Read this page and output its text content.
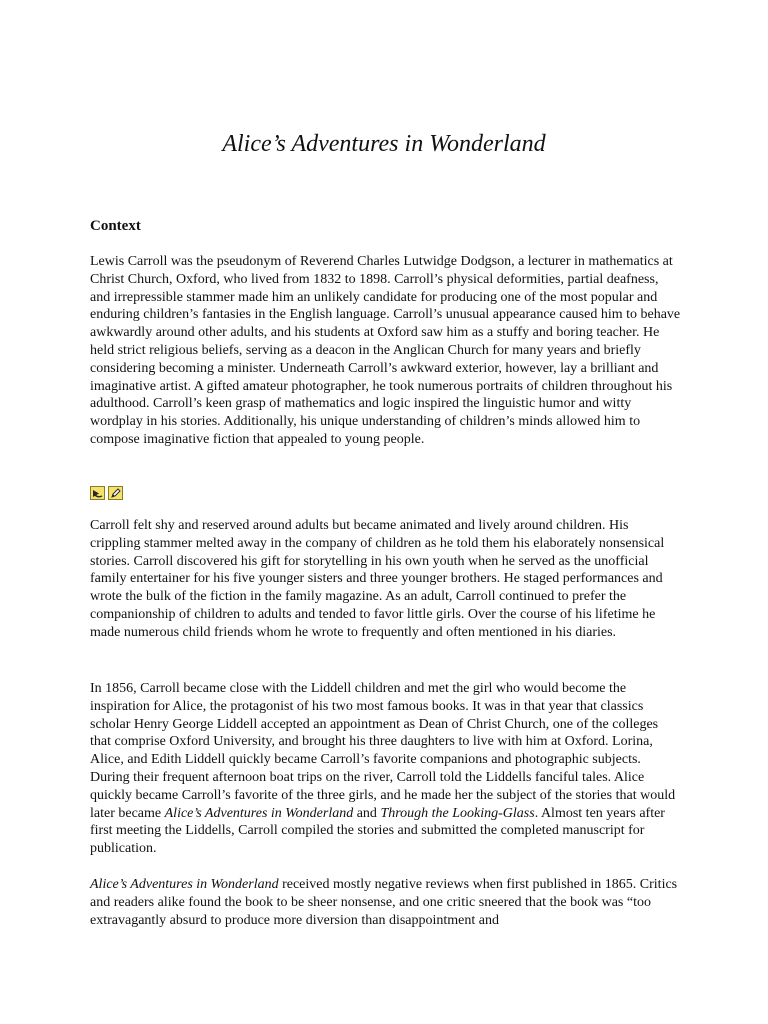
Alice’s Adventures in Wonderland
Context

Lewis Carroll was the pseudonym of Reverend Charles Lutwidge Dodgson, a lecturer in mathematics at Christ Church, Oxford, who lived from 1832 to 1898. Carroll’s physical deformities, partial deafness, and irrepressible stammer made him an unlikely candidate for producing one of the most popular and enduring children’s fantasies in the English language. Carroll’s unusual appearance caused him to behave awkwardly around other adults, and his students at Oxford saw him as a stuffy and boring teacher. He held strict religious beliefs, serving as a deacon in the Anglican Church for many years and briefly considering becoming a minister. Underneath Carroll’s awkward exterior, however, lay a brilliant and imaginative artist. A gifted amateur photographer, he took numerous portraits of children throughout his adulthood. Carroll’s keen grasp of mathematics and logic inspired the linguistic humor and witty wordplay in his stories. Additionally, his unique understanding of children’s minds allowed him to compose imaginative fiction that appealed to young people.

Carroll felt shy and reserved around adults but became animated and lively around children. His crippling stammer melted away in the company of children as he told them his elaborately nonsensical stories. Carroll discovered his gift for storytelling in his own youth when he served as the unofficial family entertainer for his five younger sisters and three younger brothers. He staged performances and wrote the bulk of the fiction in the family magazine. As an adult, Carroll continued to prefer the companionship of children to adults and tended to favor little girls. Over the course of his lifetime he made numerous child friends whom he wrote to frequently and often mentioned in his diaries.

In 1856, Carroll became close with the Liddell children and met the girl who would become the inspiration for Alice, the protagonist of his two most famous books. It was in that year that classics scholar Henry George Liddell accepted an appointment as Dean of Christ Church, one of the colleges that comprise Oxford University, and brought his three daughters to live with him at Oxford. Lorina, Alice, and Edith Liddell quickly became Carroll’s favorite companions and photographic subjects. During their frequent afternoon boat trips on the river, Carroll told the Liddells fanciful tales. Alice quickly became Carroll’s favorite of the three girls, and he made her the subject of the stories that would later became Alice’s Adventures in Wonderland and Through the Looking-Glass. Almost ten years after first meeting the Liddells, Carroll compiled the stories and submitted the completed manuscript for publication.

Alice’s Adventures in Wonderland received mostly negative reviews when first published in 1865. Critics and readers alike found the book to be sheer nonsense, and one critic sneered that the book was “too extravagantly absurd to produce more diversion than disappointment and
